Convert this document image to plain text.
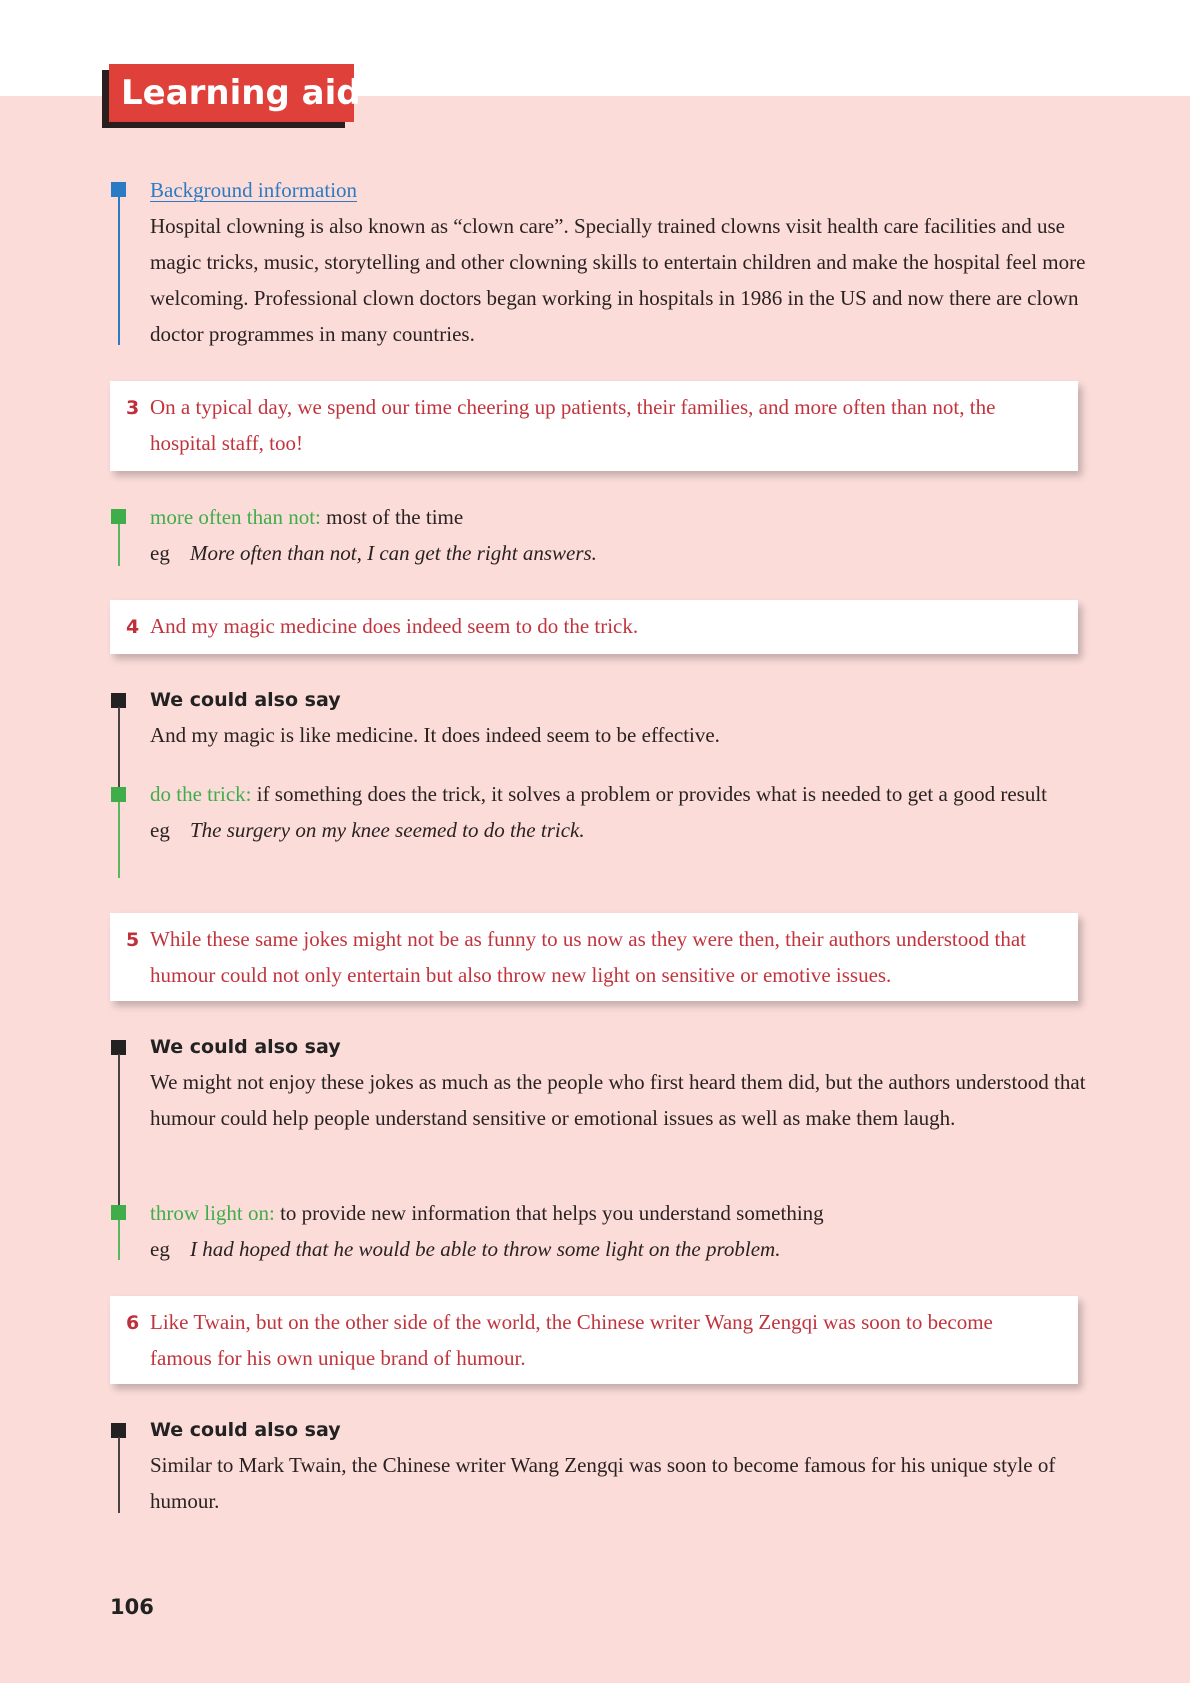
Learning aid
Background information

Hospital clowning is also known as “clown care”. Specially trained clowns visit health care facilities and use magic tricks, music, storytelling and other clowning skills to entertain children and make the hospital feel more welcoming. Professional clown doctors began working in hospitals in 1986 in the US and now there are clown doctor programmes in many countries.

3 On a typical day, we spend our time cheering up patients, their families, and more often than not, the hospital staff, too!

more often than not: most of the time
eg More often than not, I can get the right answers.
4 And my magic medicine does indeed seem to do the trick.

We could also say

And my magic is like medicine. It does indeed seem to be effective.

do the trick: if something does the trick, it solves a problem or provides what is needed to get a good result
eg The surgery on my knee seemed to do the trick.
5 While these same jokes might not be as funny to us now as they were then, their authors understood that humour could not only entertain but also throw new light on sensitive or emotive issues.

We could also say

We might not enjoy these jokes as much as the people who first heard them did, but the authors understood that humour could help people understand sensitive or emotional issues as well as make them laugh.

throw light on: to provide new information that helps you understand something
eg I had hoped that he would be able to throw some light on the problem.
6 Like Twain, but on the other side of the world, the Chinese writer Wang Zengqi was soon to become famous for his own unique brand of humour.

We could also say

Similar to Mark Twain, the Chinese writer Wang Zengqi was soon to become famous for his unique style of humour.

106
